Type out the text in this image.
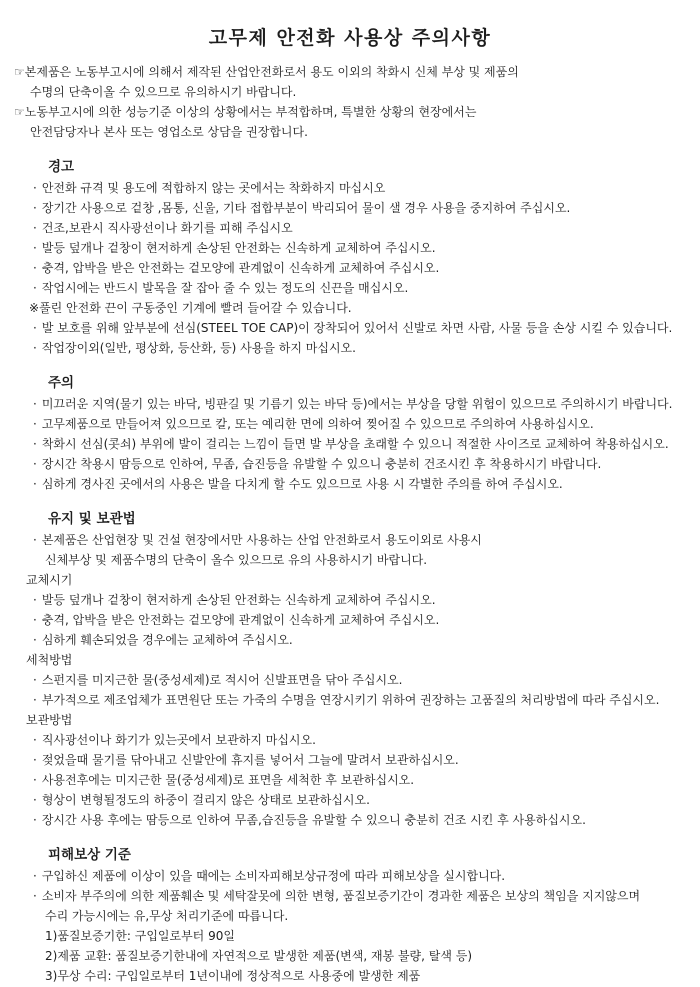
고무제 안전화 사용상 주의사항
☞본제품은 노동부고시에 의해서 제작된 산업안전화로서 용도 이외의 착화시 신체 부상 및 제품의
수명의 단축이올 수 있으므로 유의하시기 바랍니다.
☞노동부고시에 의한 성능기준 이상의 상황에서는 부적합하며, 특별한 상황의 현장에서는
안전담당자나 본사 또는 영업소로 상담을 권장합니다.
경고
· 안전화 규격 및 용도에 적합하지 않는 곳에서는 착화하지 마십시오
· 장기간 사용으로 겉창 ,몸통, 신울, 기타 접합부분이 박리되어 물이 샐 경우 사용을 중지하여 주십시오.
· 건조,보관시 직사광선이나 화기를 피해 주십시오
· 발등 덮개나 겉창이 현저하게 손상된 안전화는 신속하게 교체하여 주십시오.
· 충격, 압박을 받은 안전화는 겉모양에 관계없이 신속하게 교체하여 주십시오.
· 작업시에는 반드시 발목을 잘 잡아 줄 수 있는 정도의 신끈을 매십시오.
※풀린 안전화 끈이 구동중인 기계에 빨려 들어갈 수 있습니다.
· 발 보호를 위해 앞부분에 선심(STEEL TOE CAP)이 장착되어 있어서 신발로 차면 사람, 사물 등을 손상 시킬 수 있습니다.
· 작업장이외(일반, 평상화, 등산화, 등) 사용을 하지 마십시오.
주의
· 미끄러운 지역(물기 있는 바닥, 빙판길 및 기름기 있는 바닥 등)에서는 부상을 당할 위험이 있으므로 주의하시기 바랍니다.
· 고무제품으로 만들어져 있으므로 칼, 또는 예리한 면에 의하여 찢어질 수 있으므로 주의하여 사용하십시오.
· 착화시 선심(콧쇠) 부위에 발이 걸리는 느낌이 들면 발 부상을 초래할 수 있으니 적절한 사이즈로 교체하여 착용하십시오.
· 장시간 착용시 땀등으로 인하여, 무좀, 습진등을 유발할 수 있으니 충분히 건조시킨 후 착용하시기 바랍니다.
· 심하게 경사진 곳에서의 사용은 발을 다치게 할 수도 있으므로 사용 시 각별한 주의를 하여 주십시오.
유지 및 보관법
· 본제품은 산업현장 및 건설 현장에서만 사용하는 산업 안전화로서 용도이외로 사용시
신체부상 및 제품수명의 단축이 올수 있으므로 유의 사용하시기 바랍니다.
교체시기
· 발등 덮개나 겉창이 현저하게 손상된 안전화는 신속하게 교체하여 주십시오.
· 충격, 압박을 받은 안전화는 겉모양에 관계없이 신속하게 교체하여 주십시오.
· 심하게 훼손되었을 경우에는 교체하여 주십시오.
세척방법
· 스펀지를 미지근한 물(중성세제)로 적시어 신발표면을 닦아 주십시오.
· 부가적으로 제조업체가 표면원단 또는 가죽의 수명을 연장시키기 위하여 권장하는 고품질의 처리방법에 따라 주십시오.
보관방법
· 직사광선이나 화기가 있는곳에서 보관하지 마십시오.
· 젖었을때 물기를 닦아내고 신발안에 휴지를 넣어서 그늘에 말려서 보관하십시오.
· 사용전후에는 미지근한 물(중성세제)로 표면을 세척한 후 보관하십시오.
· 형상이 변형될정도의 하중이 걸리지 않은 상태로 보관하십시오.
· 장시간 사용 후에는 땀등으로 인하여 무좀,습진등을 유발할 수 있으니 충분히 건조 시킨 후 사용하십시오.
피해보상 기준
· 구입하신 제품에 이상이 있을 때에는 소비자피해보상규정에 따라 피해보상을 실시합니다.
· 소비자 부주의에 의한 제품훼손 및 세탁잘못에 의한 변형, 품질보증기간이 경과한 제품은 보상의 책임을 지지않으며
수리 가능시에는 유,무상 처리기준에 따릅니다.
1)품질보증기한: 구입일로부터 90일
2)제품 교환: 품질보증기한내에 자연적으로 발생한 제품(변색, 재봉 불량, 탈색 등)
3)무상 수리: 구입일로부터 1년이내에 정상적으로 사용중에 발생한 제품
